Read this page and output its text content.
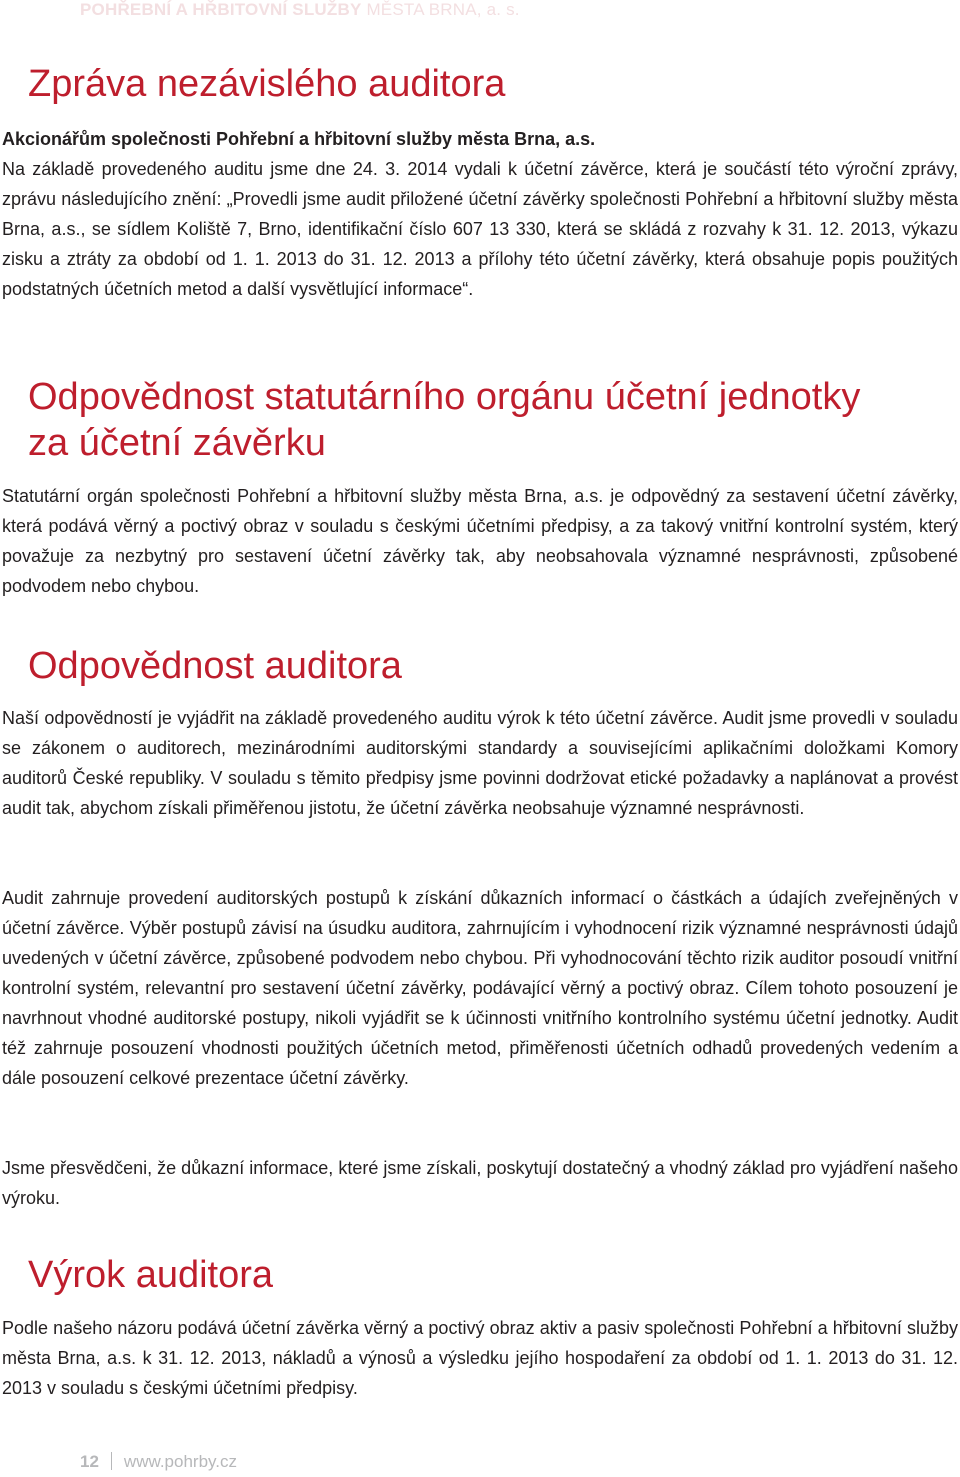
POHŘEBNÍ A HŘBITOVNÍ SLUŽBY MĚSTA BRNA, a. s.
Zpráva nezávislého auditora

Akcionářům společnosti Pohřební a hřbitovní služby města Brna, a.s.

Na základě provedeného auditu jsme dne 24. 3. 2014 vydali k účetní závěrce, která je součástí této výroční zprávy, zprávu následujícího znění: „Provedli jsme audit přiložené účetní závěrky společnosti Pohřební a hřbitovní služby města Brna, a.s., se sídlem Koliště 7, Brno, identifikační číslo 607 13 330, která se skládá z rozvahy k 31. 12. 2013, výkazu zisku a ztráty za období od 1. 1. 2013 do 31. 12. 2013 a přílohy této účetní závěrky, která obsahuje popis použitých podstatných účetních metod a další vysvětlující informace“.

Odpovědnost statutárního orgánu účetní jednotky
za účetní závěrku

Statutární orgán společnosti Pohřební a hřbitovní služby města Brna, a.s. je odpovědný za sestavení účetní závěrky, která podává věrný a poctivý obraz v souladu s českými účetními předpisy, a za takový vnitřní kontrolní systém, který považuje za nezbytný pro sestavení účetní závěrky tak, aby neobsahovala významné nesprávnosti, způsobené podvodem nebo chybou.

Odpovědnost auditora

Naší odpovědností je vyjádřit na základě provedeného auditu výrok k této účetní závěrce. Audit jsme provedli v souladu se zákonem o auditorech, mezinárodními auditorskými standardy a souvisejícími aplikačními doložkami Komory auditorů České republiky. V souladu s těmito předpisy jsme povinni dodržovat etické požadavky a naplánovat a provést audit tak, abychom získali přiměřenou jistotu, že účetní závěrka neobsahuje významné nesprávnosti.

Audit zahrnuje provedení auditorských postupů k získání důkazních informací o částkách a údajích zveřejněných v účetní závěrce. Výběr postupů závisí na úsudku auditora, zahrnujícím i vyhodnocení rizik významné nesprávnosti údajů uvedených v účetní závěrce, způsobené podvodem nebo chybou. Při vyhodnocování těchto rizik auditor posoudí vnitřní kontrolní systém, relevantní pro sestavení účetní závěrky, podávající věrný a poctivý obraz. Cílem tohoto posouzení je navrhnout vhodné auditorské postupy, nikoli vyjádřit se k účinnosti vnitřního kontrolního systému účetní jednotky. Audit též zahrnuje posouzení vhodnosti použitých účetních metod, přiměřenosti účetních odhadů provedených vedením a dále posouzení celkové prezentace účetní závěrky.

Jsme přesvědčeni, že důkazní informace, které jsme získali, poskytují dostatečný a vhodný základ pro vyjádření našeho výroku.

Výrok auditora

Podle našeho názoru podává účetní závěrka věrný a poctivý obraz aktiv a pasiv společnosti Pohřební a hřbitovní služby města Brna, a.s. k 31. 12. 2013, nákladů a výnosů a výsledku jejího hospodaření za období od 1. 1. 2013 do 31. 12. 2013 v souladu s českými účetními předpisy.

12 www.pohrby.cz
